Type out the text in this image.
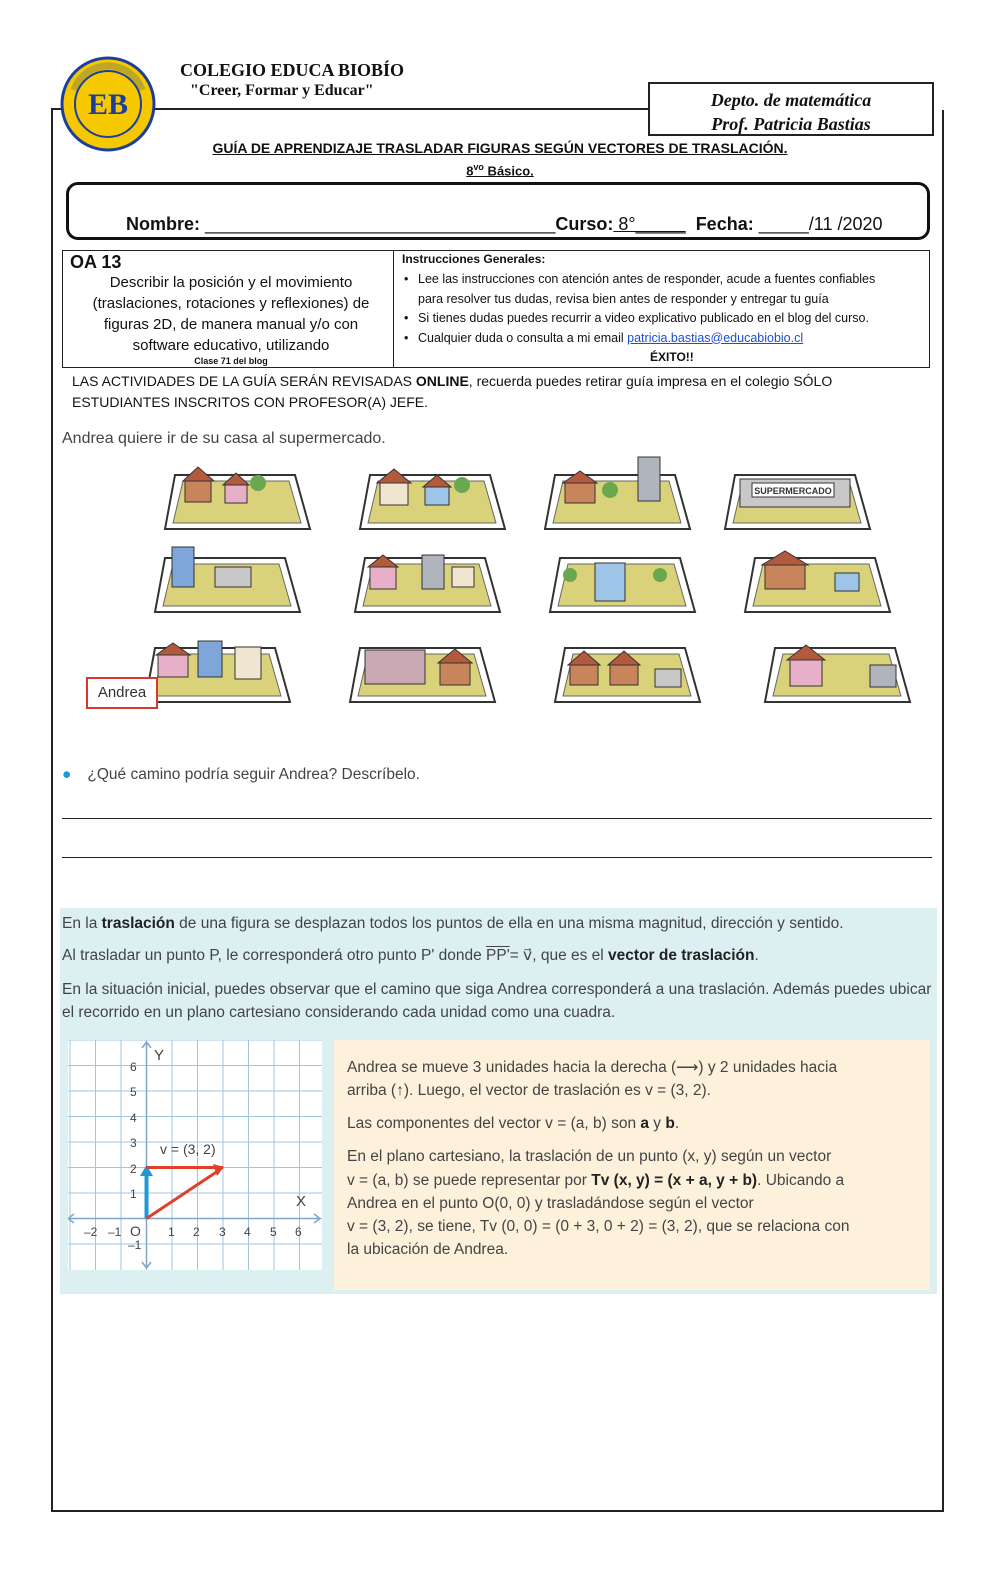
EB
COLEGIO EDUCA BIOBÍO
"Creer, Formar y Educar"	Depto. de matemática
Prof. Patricia Bastias
GUÍA DE APRENDIZAJE TRASLADAR FIGURAS SEGÚN VECTORES DE TRASLACIÓN.
$8^{vo}$ Básico.
Nombre: ___________________________________Curso: 8°_____ Fecha: _____/11 /2020
OA 13
Describir la posición y el movimiento (traslaciones, rotaciones y reflexiones) de figuras 2D, de manera manual y/o con software educativo, utilizando
Clase 71 del blog
Instrucciones Generales:
• Lee las instrucciones con atención antes de responder, acude a fuentes confiables
para resolver tus dudas, revisa bien antes de responder y entregar tu guía
• Si tienes dudas puedes recurrir a video explicativo publicado en el blog del curso.
• Cualquier duda o consulta a mi email patricia.bastias@educabiobio.cl
ÉXITO!!
LAS ACTIVIDADES DE LA GUÍA SERÁN REVISADAS ONLINE, recuerda puedes retirar guía impresa en el colegio SÓLO ESTUDIANTES INSCRITOS CON PROFESOR(A) JEFE.
Andrea quiere ir de su casa al supermercado.
SUPERMERCADO
Andrea
● ¿Qué camino podría seguir Andrea? Descríbelo.
En la traslación de una figura se desplazan todos los puntos de ella en una misma magnitud, dirección y sentido.
Al trasladar un punto P, le corresponderá otro punto P' donde PP'= v⃗, que es el vector de traslación.
En la situación inicial, puedes observar que el camino que siga Andrea corresponderá a una traslación. Además puedes ubicar el recorrido en un plano cartesiano considerando cada unidad como una cuadra.
Y
X
O
v = (3, 2)
–2 –1	1 2 3 4 5 6
6
5
4
3
2
1
–1
Andrea se mueve 3 unidades hacia la derecha (⟶) y 2 unidades hacia
arriba (↑). Luego, el vector de traslación es v = (3, 2).
Las componentes del vector v = (a, b) son a y b.
En el plano cartesiano, la traslación de un punto (x, y) según un vector
v = (a, b) se puede representar por Tv (x, y) = (x + a, y + b). Ubicando a
Andrea en el punto O(0, 0) y trasladándose según el vector
v = (3, 2), se tiene, Tv (0, 0) = (0 + 3, 0 + 2) = (3, 2), que se relaciona con
la ubicación de Andrea.
